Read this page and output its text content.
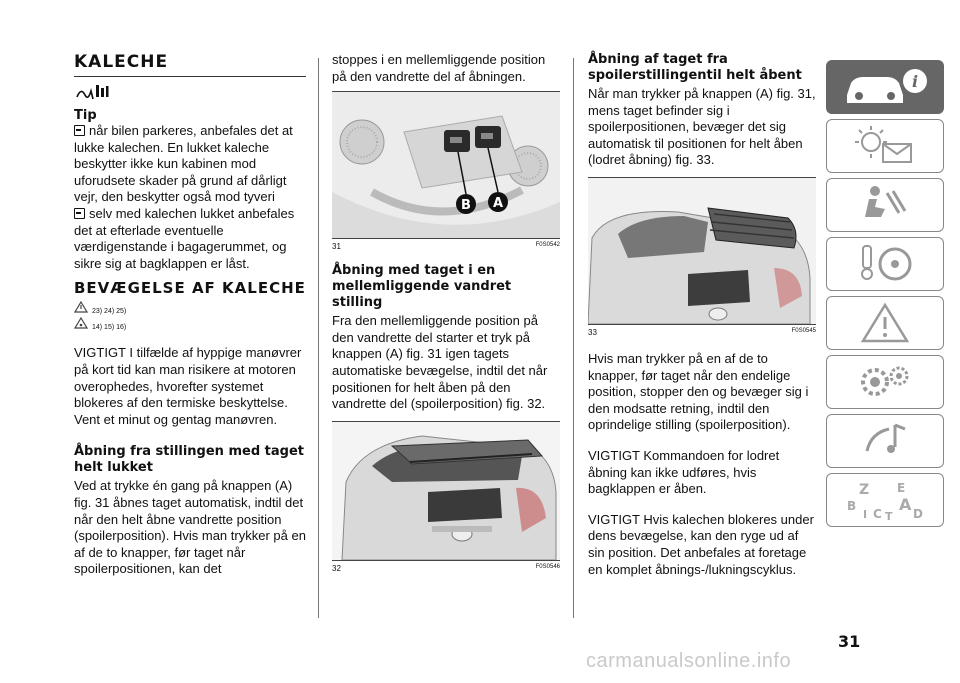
KALECHE

Tip

når bilen parkeres, anbefales det at lukke kalechen. En lukket kaleche beskytter ikke kun kabinen mod uforudsete skader på grund af dårligt vejr, den beskytter også mod tyveri

selv med kalechen lukket anbefales det at efterlade eventuelle værdigenstande i bagagerummet, og sikre sig at bagklappen er låst.

BEVÆGELSE AF KALECHE
23) 24) 25)
14) 15) 16)

VIGTIGT I tilfælde af hyppige manøvrer på kort tid kan man risikere at motoren overophedes, hvorefter systemet blokeres af den termiske beskyttelse. Vent et minut og gentag manøvren.

Åbning fra stillingen med taget helt lukket

Ved at trykke én gang på knappen (A) fig. 31 åbnes taget automatisk, indtil det når den helt åbne vandrette position (spoilerposition). Hvis man trykker på en af de to knapper, før taget når spoilerpositionen, kan det

stoppes i en mellemliggende position på den vandrette del af åbningen.

B A
31	F0S0542
Åbning med taget i en mellemliggende vandret stilling

Fra den mellemliggende position på den vandrette del starter et tryk på knappen (A) fig. 31 igen tagets automatiske bevægelse, indtil det når positionen for helt åben på den vandrette del (spoilerposition) fig. 32.

32	F0S0546
Åbning af taget fra spoilerstillingentil helt åbent

Når man trykker på knappen (A) fig. 31, mens taget befinder sig i spoilerpositionen, bevæger det sig automatisk til positionen for helt åben (lodret åbning) fig. 33.

33	F0S0545

Hvis man trykker på en af de to knapper, før taget når den endelige position, stopper den og bevæger sig i den modsatte retning, indtil den oprindelige stilling (spoilerposition).

VIGTIGT Kommandoen for lodret åbning kan ikke udføres, hvis bagklappen er åben.

VIGTIGT Hvis kalechen blokeres under dens bevægelse, kan den ryge ud af sin position. Det anbefales at foretage en komplet åbnings-/lukningscyklus.

i
Z E
B	A
I C T D
31
carmanualsonline.info
